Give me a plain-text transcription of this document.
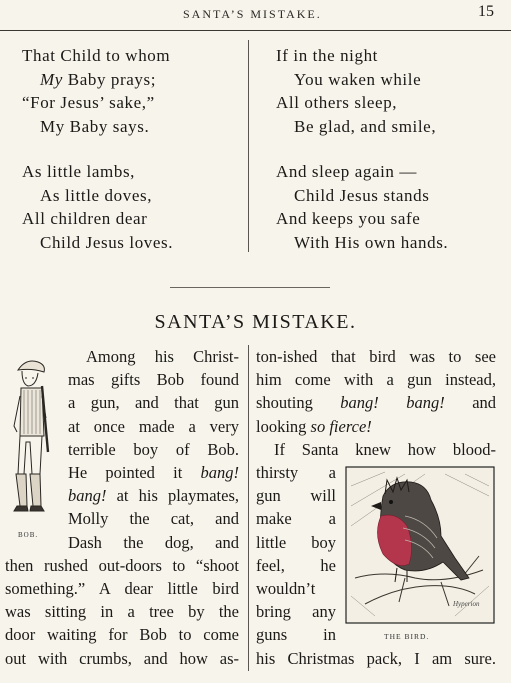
SANTA’S MISTAKE.	15
That Child to whom
My Baby prays;
“For Jesus’ sake,”
My Baby says.
As little lambs,
As little doves,
All children dear
Child Jesus loves.
If in the night
You waken while
All others sleep,
Be glad, and smile,
And sleep again —
Child Jesus stands
And keeps you safe
With His own hands.
SANTA’S MISTAKE.
BOB.
Among his Christ-
mas gifts Bob found
a gun, and that gun
at once made a very
terrible boy of Bob.
He pointed it bang!
bang! at his playmates,
Molly the cat, and
Dash the dog, and
then rushed out-doors to “shoot
something.” A dear little bird
was sitting in a tree by the
door waiting for Bob to come
out with crumbs, and how as-
ton-ished that bird was to see
him come with a gun instead,
shouting bang! bang! and
looking so fierce!
If Santa knew how blood-
thirsty a
gun will
make a
little boy
feel, he
wouldn’t
bring any
guns in
his Christmas pack, I am sure.
Hyperion
THE BIRD.
